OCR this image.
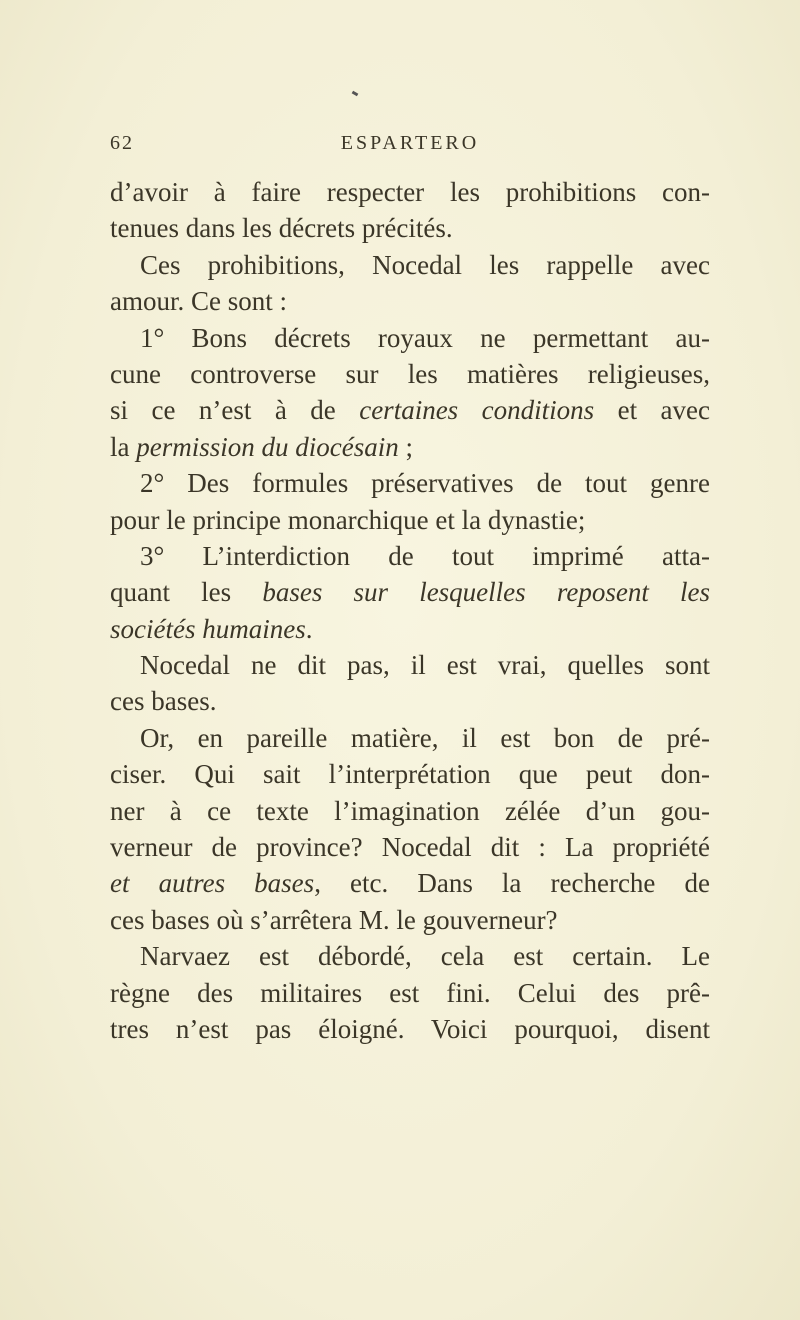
62	ESPARTERO
d’avoir à faire respecter les prohibitions con-
tenues dans les décrets précités.
Ces prohibitions, Nocedal les rappelle avec
amour. Ce sont :
1° Bons décrets royaux ne permettant au-
cune controverse sur les matières religieuses,
si ce n’est à de certaines conditions et avec
la permission du diocésain ;
2° Des formules préservatives de tout genre
pour le principe monarchique et la dynastie;
3° L’interdiction de tout imprimé atta-
quant les bases sur lesquelles reposent les
sociétés humaines.
Nocedal ne dit pas, il est vrai, quelles sont
ces bases.
Or, en pareille matière, il est bon de pré-
ciser. Qui sait l’interprétation que peut don-
ner à ce texte l’imagination zélée d’un gou-
verneur de province? Nocedal dit : La propriété
et autres bases, etc. Dans la recherche de
ces bases où s’arrêtera M. le gouverneur?
Narvaez est débordé, cela est certain. Le
règne des militaires est fini. Celui des prê-
tres n’est pas éloigné. Voici pourquoi, disent
